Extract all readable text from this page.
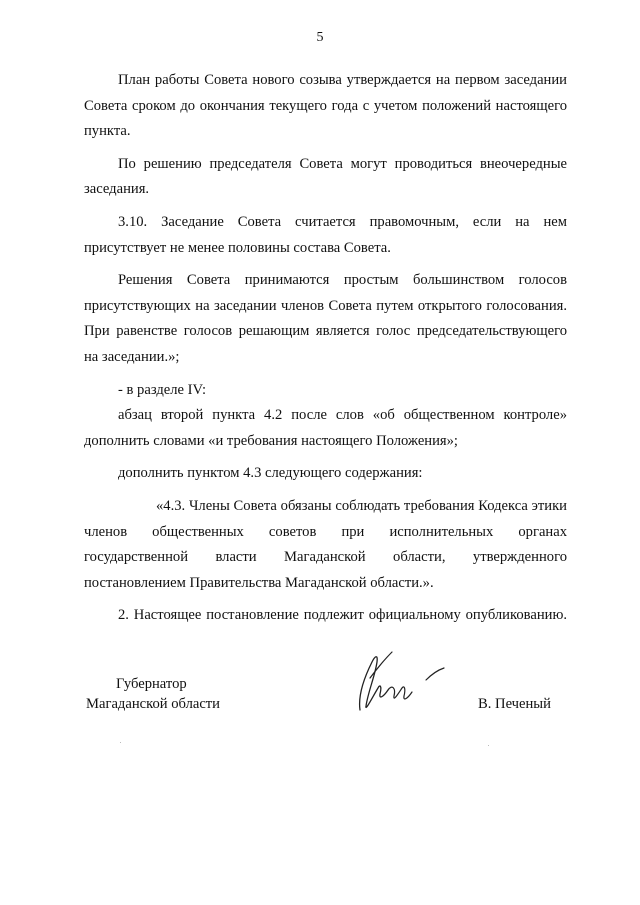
5

План работы Совета нового созыва утверждается на первом заседании Совета сроком до окончания текущего года с учетом положений настоящего пункта.

По решению председателя Совета могут проводиться внеочередные заседания.

3.10. Заседание Совета считается правомочным, если на нем присутствует не менее половины состава Совета.

Решения Совета принимаются простым большинством голосов присутствующих на заседании членов Совета путем открытого голосования. При равенстве голосов решающим является голос председательствующего на заседании.»;

- в разделе IV:

абзац второй пункта 4.2 после слов «об общественном контроле» дополнить словами «и требования настоящего Положения»;

дополнить пунктом 4.3 следующего содержания:

«4.3. Члены Совета обязаны соблюдать требования Кодекса этики членов общественных советов при исполнительных органах государственной власти Магаданской области, утвержденного постановлением Правительства Магаданской области.».

2. Настоящее постановление подлежит официальному опубликованию.

Губернатор
Магаданской области	В. Печеный
